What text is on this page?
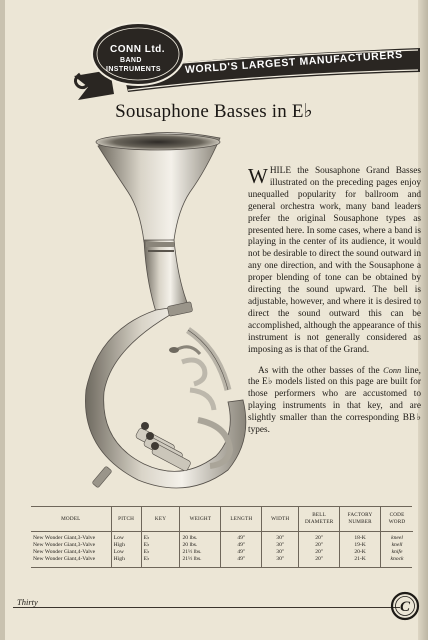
CONN Ltd.
BAND
INSTRUMENTS WORLD'S LARGEST MANUFACTURERS
Sousaphone Basses in E♭

WHILE the Sousaphone Grand Basses illustrated on the preceding pages enjoy unequalled popularity for ballroom and general orchestra work, many band leaders prefer the original Sousaphone types as presented here. In some cases, where a band is playing in the center of its audience, it would not be desirable to direct the sound outward in any one direction, and with the Sousaphone a proper blending of tone can be obtained by directing the sound upward. The bell is adjustable, however, and where it is desired to direct the sound outward this can be accomplished, although the appearance of this instrument is not generally considered as imposing as is that of the Grand.

As with the other basses of the Conn line, the E♭ models listed on this page are built for those performers who are accustomed to playing instruments in that key, and are slightly smaller than the corresponding BB♭ types.

MODEL	PITCH	KEY	WEIGHT	LENGTH	WIDTH	BELL DIAMETER	FACTORY NUMBER	CODE WORD
New Wonder Giant,3-Valve	Low	E♭	20 lbs.	49"	30"	20"	18-K	kneel
New Wonder Giant,3-Valve	High	E♭	20 lbs.	49"	30"	20"	19-K	knell
New Wonder Giant,4-Valve	Low	E♭	21½ lbs.	49"	30"	20"	20-K	knife
New Wonder Giant,4-Valve	High	E♭	21½ lbs.	49"	30"	20"	21-K	knock
Thirty	C
